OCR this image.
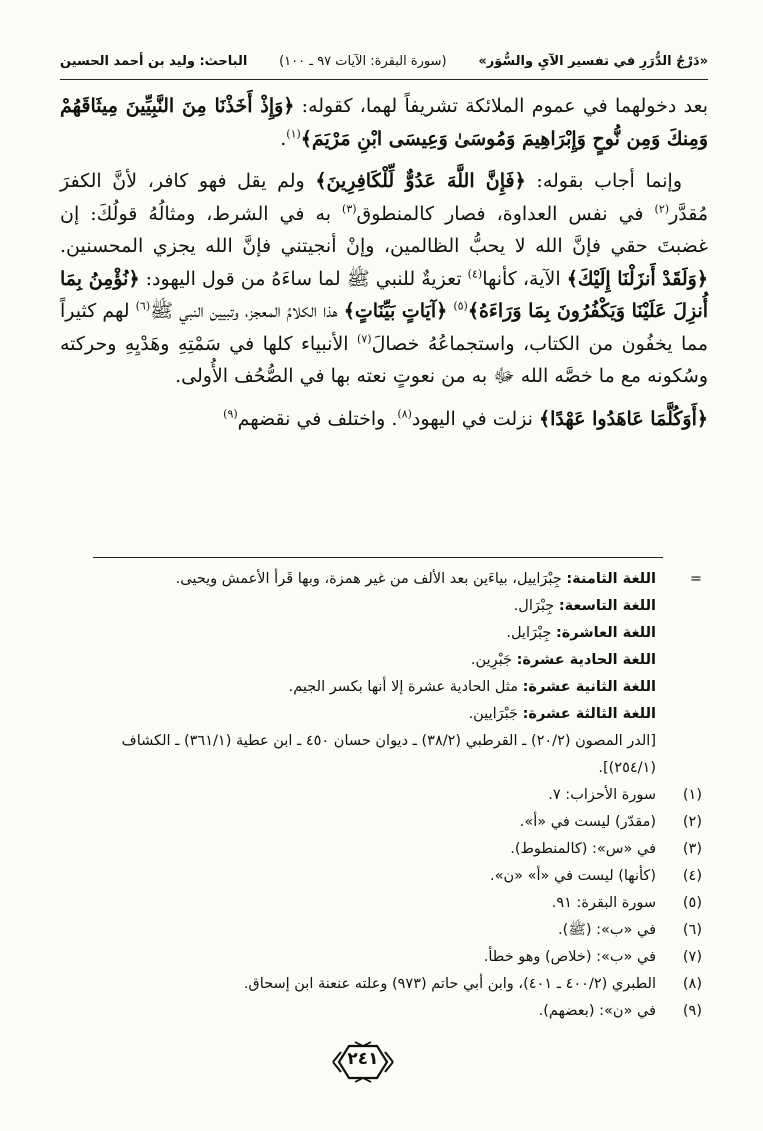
«دَرْجُ الدُّرَرِ في تفسير الآيِ والسُّوَر»
(سورة البقرة: الآيات ٩٧ ـ ١٠٠)
الباحث: وليد بن أحمد الحسين

بعد دخولهما في عموم الملائكة تشريفاً لهما، كقوله: ﴿وَإِذْ أَخَذْنَا مِنَ النَّبِيِّينَ مِيثَاقَهُمْ وَمِنكَ وَمِن نُّوحٍ وَإِبْرَاهِيمَ وَمُوسَىٰ وَعِيسَى ابْنِ مَرْيَمَ﴾$^{(١)}$.

وإنما أجاب بقوله: ﴿فَإِنَّ اللَّهَ عَدُوٌّ لِّلْكَافِرِينَ﴾ ولم يقل فهو كافر، لأنَّ الكفرَ مُقدَّر$^{(٢)}$ في نفس العداوة، فصار كالمنطوق$^{(٣)}$ به في الشرط، ومثالُهُ قولُكَ: إن غضبتَ حقي فإنَّ الله لا يحبُّ الظالمين، وإنْ أنجيتني فإنَّ الله يجزي المحسنين. ﴿وَلَقَدْ أَنزَلْنَا إِلَيْكَ﴾ الآية، كأنها$^{(٤)}$ تعزيةٌ للنبي ﷺ لما ساءَهُ من قول اليهود: ﴿نُؤْمِنُ بِمَا أُنزِلَ عَلَيْنَا وَيَكْفُرُونَ بِمَا وَرَاءَهُ﴾$^{(٥)}$ ﴿آيَاتٍ بَيِّنَاتٍ﴾ هذا الكلامُ المعجز، وتبيين النبي ﷺ$^{(٦)}$ لهم كثيراً مما يخفُون من الكتاب، واستجماعُهُ خصالَ$^{(٧)}$ الأنبياء كلها في سَمْتِهِ وهَدْيِهِ وحركته وسُكونه مع ما خصَّه الله ﷻ به من نعوتٍ نعته بها في الصُّحُف الأُولى.

﴿أَوَكُلَّمَا عَاهَدُوا عَهْدًا﴾ نزلت في اليهود$^{(٨)}$. واختلف في نقضهم$^{(٩)}$

=
اللغة الثامنة: جِبْرَاييل، بياءَين بعد الألف من غير همزة، وبها قَرأ الأعمش ويحيى.
اللغة التاسعة: جِبْرَال.
اللغة العاشرة: جِبْرَايل.
اللغة الحادية عشرة: جَبْرِين.
اللغة الثانية عشرة: مثل الحادية عشرة إلا أنها بكسر الجيم.
اللغة الثالثة عشرة: جَبْرَايين.
[الدر المصون (٢٠/٢) ـ القرطبي (٣٨/٢) ـ ديوان حسان ٤٥٠ ـ ابن عطية (٣٦١/١) ـ الكشاف (٢٥٤/١)].
(١)
سورة الأحزاب: ٧.
(٢)
(مقدّر) ليست في «أ».
(٣)
في «س»: (كالمنطوط).
(٤)
(كأنها) ليست في «أ» «ن».
(٥)
سورة البقرة: ٩١.
(٦)
في «ب»: (ﷺ).
(٧)
في «ب»: (خلاص) وهو خطأ.
(٨)
الطبري (٤٠٠/٢ ـ ٤٠١)، وابن أبي حاتم (٩٧٣) وعلته عنعنة ابن إسحاق.
(٩)
في «ن»: (بعضهم).
٢٤١
